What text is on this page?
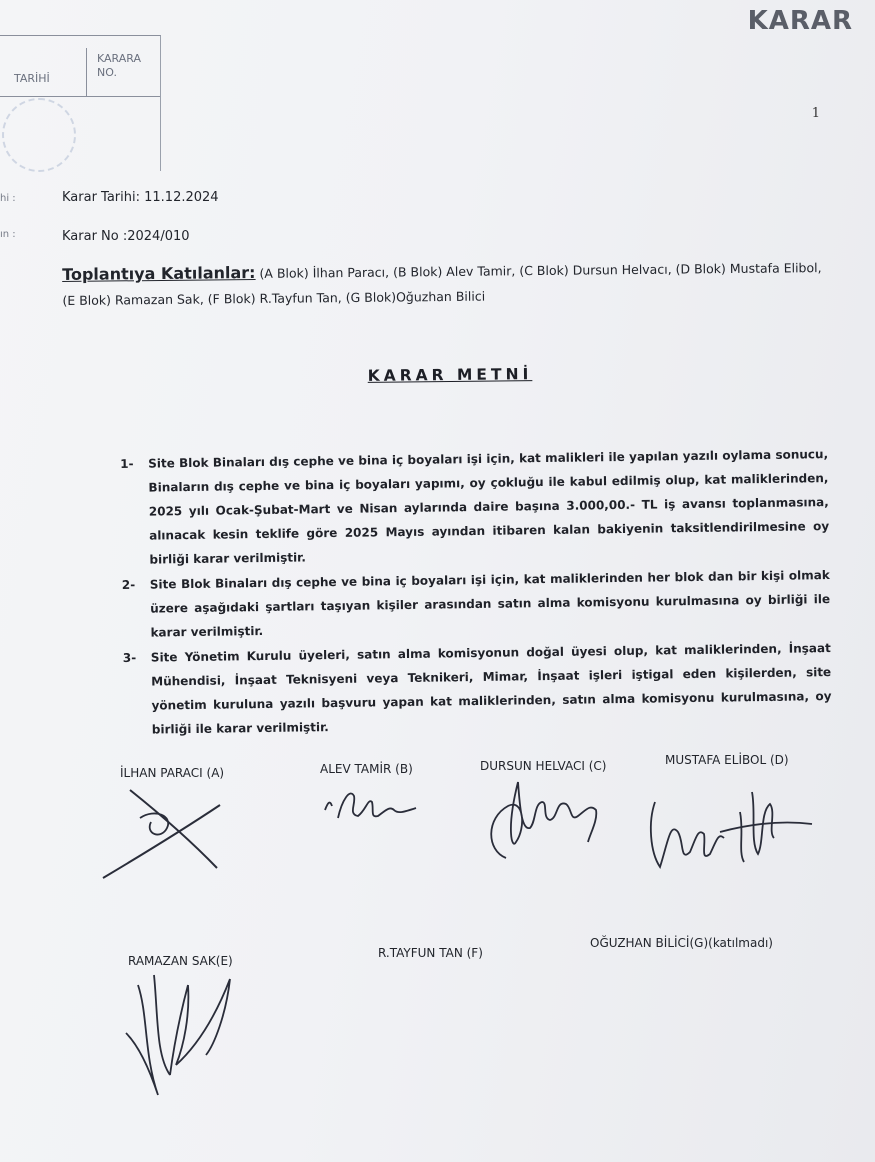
TARİHİ
KARARA
NO.
hi :
ın :
KARAR
1
Karar Tarihi: 11.12.2024
Karar No :2024/010
Toplantıya Katılanlar: (A Blok) İlhan Paracı, (B Blok) Alev Tamir, (C Blok) Dursun Helvacı, (D Blok) Mustafa Elibol, (E Blok) Ramazan Sak, (F Blok) R.Tayfun Tan, (G Blok)Oğuzhan Bilici
KARAR METNİ
1- Site Blok Binaları dış cephe ve bina iç boyaları işi için, kat malikleri ile yapılan yazılı oylama sonucu, Binaların dış cephe ve bina iç boyaları yapımı, oy çokluğu ile kabul edilmiş olup, kat maliklerinden, 2025 yılı Ocak-Şubat-Mart ve Nisan aylarında daire başına 3.000,00.- TL iş avansı toplanmasına, alınacak kesin teklife göre 2025 Mayıs ayından itibaren kalan bakiyenin taksitlendirilmesine oy birliği karar verilmiştir.
2- Site Blok Binaları dış cephe ve bina iç boyaları işi için, kat maliklerinden her blok dan bir kişi olmak üzere aşağıdaki şartları taşıyan kişiler arasından satın alma komisyonu kurulmasına oy birliği ile karar verilmiştir.
3- Site Yönetim Kurulu üyeleri, satın alma komisyonun doğal üyesi olup, kat maliklerinden, İnşaat Mühendisi, İnşaat Teknisyeni veya Teknikeri, Mimar, İnşaat işleri iştigal eden kişilerden, site yönetim kuruluna yazılı başvuru yapan kat maliklerinden, satın alma komisyonu kurulmasına, oy birliği ile karar verilmiştir.
İLHAN PARACI (A)	ALEV TAMİR (B)	DURSUN HELVACI (C)	MUSTAFA ELİBOL (D)
RAMAZAN SAK(E)
R.TAYFUN TAN (F)
OĞUZHAN BİLİCİ(G)(katılmadı)
